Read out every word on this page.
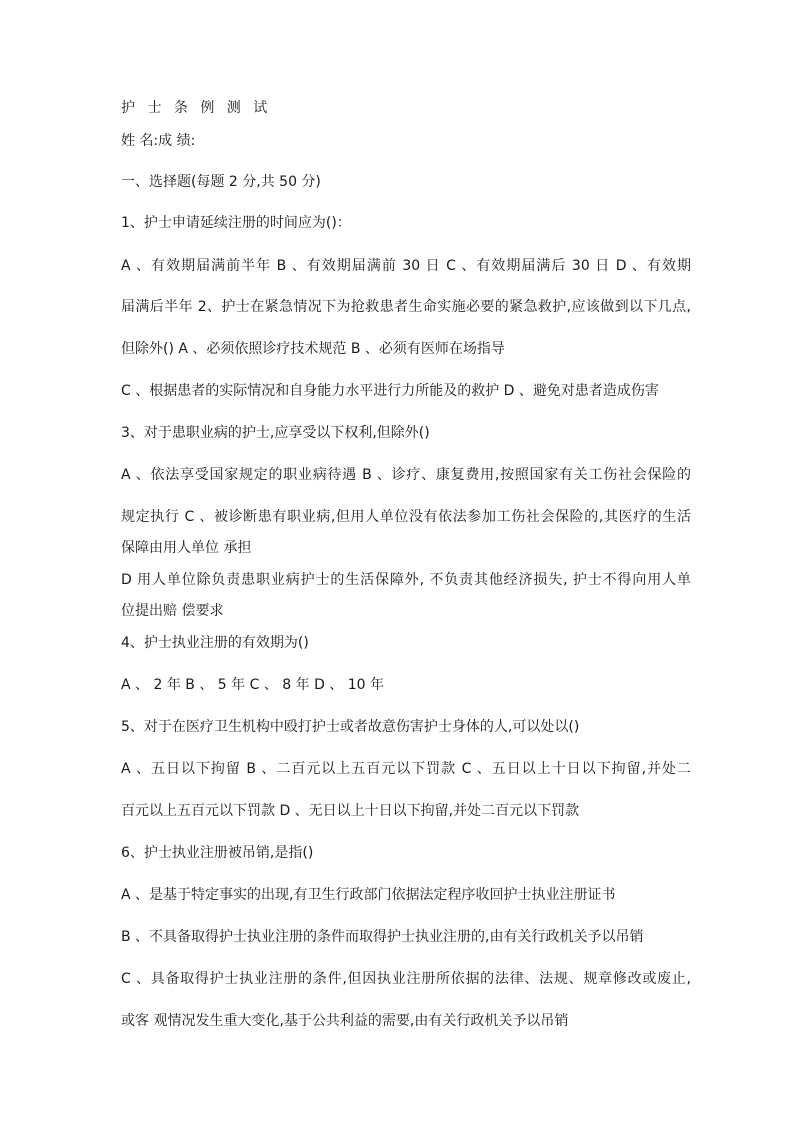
护 士 条 例 测 试
姓 名:成 绩:
一、选择题(每题 2 分,共 50 分)
1、护士申请延续注册的时间应为()：
A 、有效期届满前半年 B 、有效期届满前 30 日 C 、有效期届满后 30 日 D 、有效期
届满后半年 2、护士在紧急情况下为抢救患者生命实施必要的紧急救护,应该做到以下几点,
但除外() A 、必须依照诊疗技术规范 B 、必须有医师在场指导
C 、根据患者的实际情况和自身能力水平进行力所能及的救护 D 、避免对患者造成伤害
3、对于患职业病的护士,应享受以下权利,但除外()
A 、依法享受国家规定的职业病待遇 B 、诊疗、康复费用,按照国家有关工伤社会保险的
规定执行 C 、被诊断患有职业病,但用人单位没有依法参加工伤社会保险的,其医疗的生活
保障由用人单位 承担
D 用人单位除负责患职业病护士的生活保障外, 不负责其他经济损失, 护士不得向用人单
位提出赔 偿要求
4、护士执业注册的有效期为()
A 、 2 年 B 、 5 年 C 、 8 年 D 、 10 年
5、对于在医疗卫生机构中殴打护士或者故意伤害护士身体的人,可以处以()
A 、五日以下拘留 B 、二百元以上五百元以下罚款 C 、五日以上十日以下拘留,并处二
百元以上五百元以下罚款 D 、无日以上十日以下拘留,并处二百元以下罚款
6、护士执业注册被吊销,是指()
A 、是基于特定事实的出现,有卫生行政部门依据法定程序收回护士执业注册证书
B 、不具备取得护士执业注册的条件而取得护士执业注册的,由有关行政机关予以吊销
C 、具备取得护士执业注册的条件,但因执业注册所依据的法律、法规、规章修改或废止,
或客 观情况发生重大变化,基于公共利益的需要,由有关行政机关予以吊销
